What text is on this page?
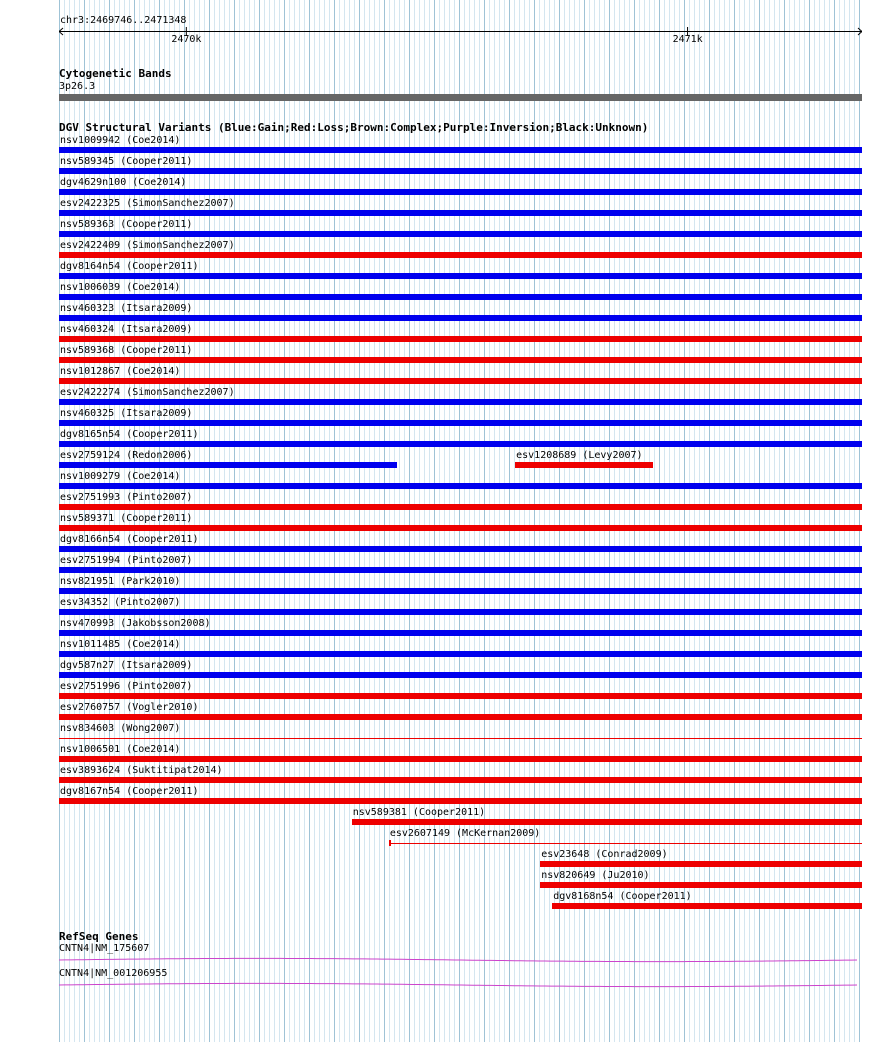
chr3:2469746..2471348
2470k	2471k
Cytogenetic Bands
3p26.3
DGV Structural Variants (Blue:Gain;Red:Loss;Brown:Complex;Purple:Inversion;Black:Unknown)
nsv1009942 (Coe2014)
nsv589345 (Cooper2011)
dgv4629n100 (Coe2014)
esv2422325 (SimonSanchez2007)
nsv589363 (Cooper2011)
esv2422409 (SimonSanchez2007)
dgv8164n54 (Cooper2011)
nsv1006039 (Coe2014)
nsv460323 (Itsara2009)
nsv460324 (Itsara2009)
nsv589368 (Cooper2011)
nsv1012867 (Coe2014)
esv2422274 (SimonSanchez2007)
nsv460325 (Itsara2009)
dgv8165n54 (Cooper2011)
esv2759124 (Redon2006)	esv1208689 (Levy2007)
nsv1009279 (Coe2014)
esv2751993 (Pinto2007)
nsv589371 (Cooper2011)
dgv8166n54 (Cooper2011)
esv2751994 (Pinto2007)
nsv821951 (Park2010)
esv34352 (Pinto2007)
nsv470993 (Jakobsson2008)
nsv1011485 (Coe2014)
dgv587n27 (Itsara2009)
esv2751996 (Pinto2007)
esv2760757 (Vogler2010)
nsv834603 (Wong2007)
nsv1006501 (Coe2014)
esv3893624 (Suktitipat2014)
dgv8167n54 (Cooper2011)
nsv589381 (Cooper2011)
esv2607149 (McKernan2009)
esv23648 (Conrad2009)
nsv820649 (Ju2010)
dgv8168n54 (Cooper2011)
RefSeq Genes
CNTN4|NM_175607
CNTN4|NM_001206955
